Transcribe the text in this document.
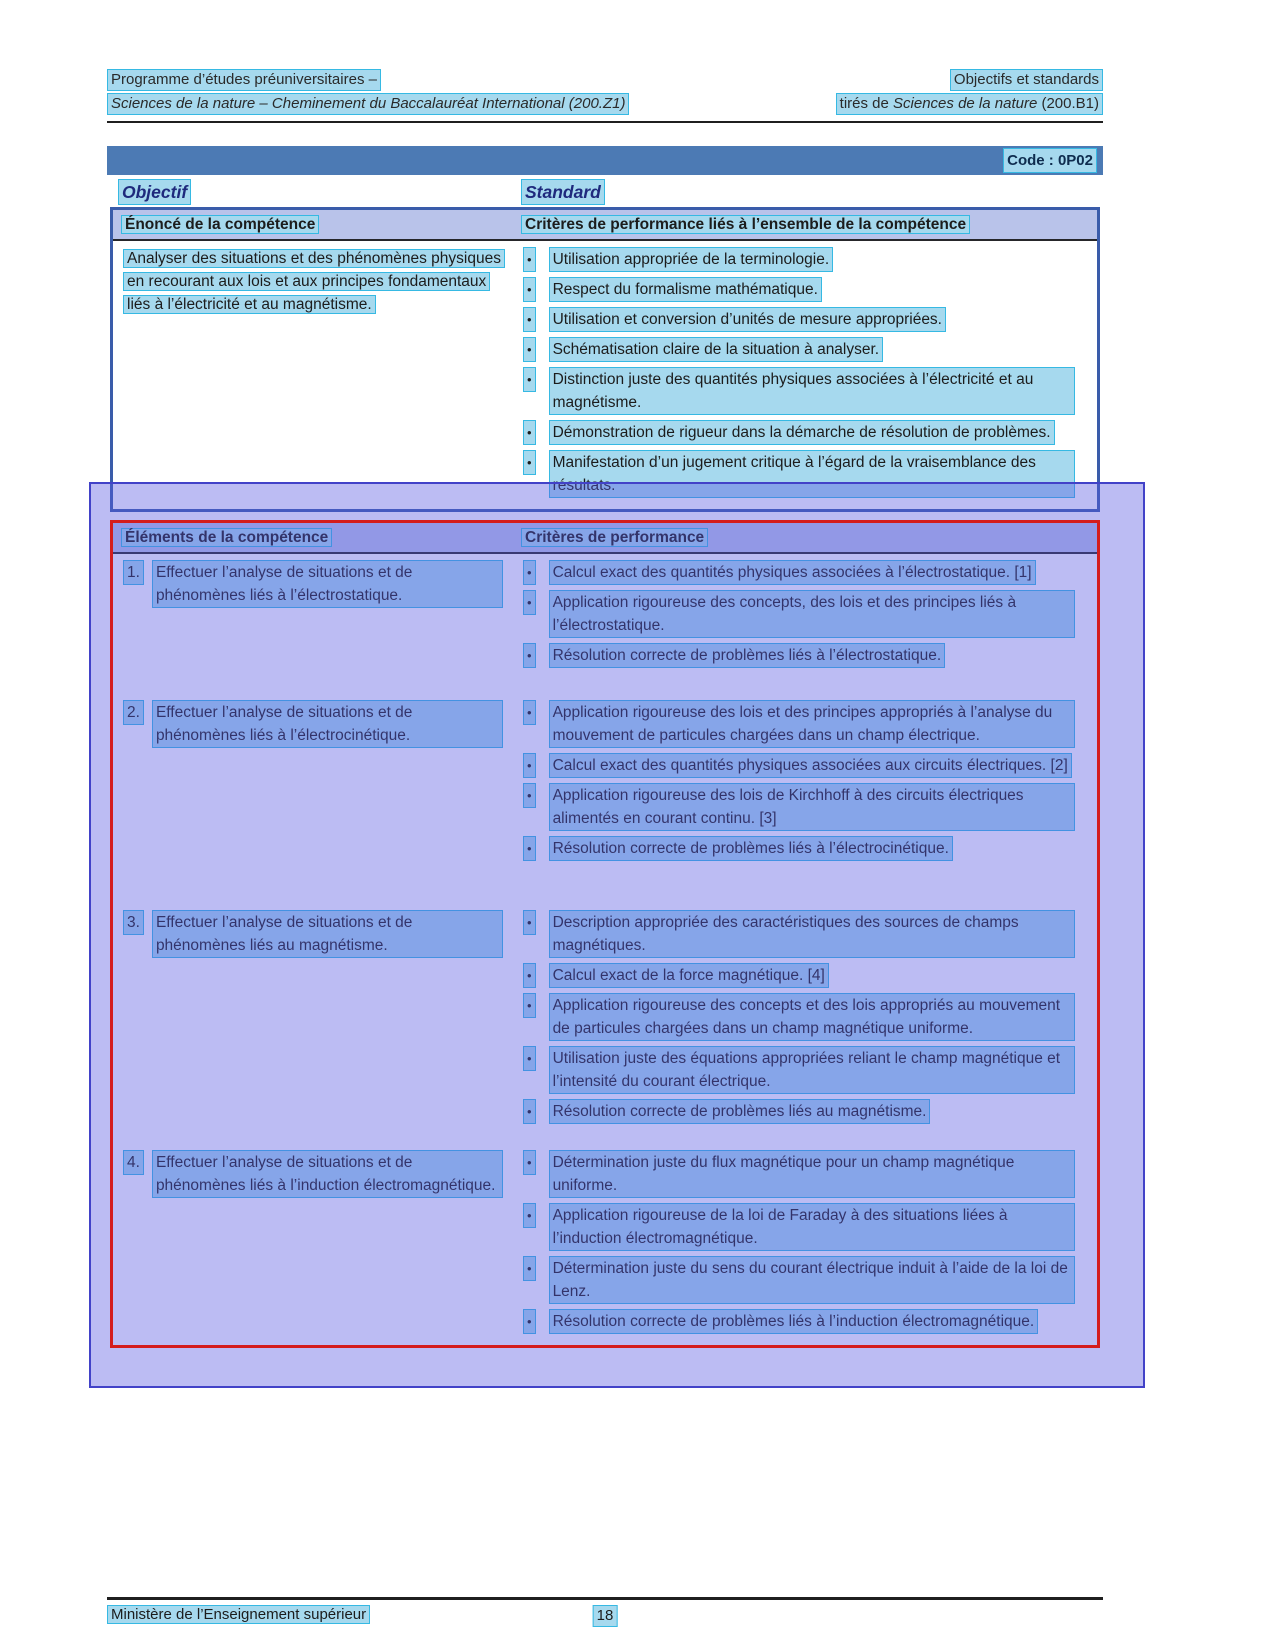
Programme d’études préuniversitaires –	Objectifs et standards
Sciences de la nature – Cheminement du Baccalauréat International (200.Z1)	tirés de Sciences de la nature (200.B1)
Code : 0P02
Objectif	Standard
Énoncé de la compétence	Critères de performance liés à l’ensemble de la compétence
Analyser des situations et des phénomènes physiques en recourant aux lois et aux principes fondamentaux liés à l’électricité et au magnétisme.
• Utilisation appropriée de la terminologie.
• Respect du formalisme mathématique.
• Utilisation et conversion d’unités de mesure appropriées.
• Schématisation claire de la situation à analyser.
• Distinction juste des quantités physiques associées à l’électricité et au magnétisme.
• Démonstration de rigueur dans la démarche de résolution de problèmes.
• Manifestation d’un jugement critique à l’égard de la vraisemblance des résultats.
Éléments de la compétence	Critères de performance
1. Effectuer l’analyse de situations et de phénomènes liés à l’électrostatique.
• Calcul exact des quantités physiques associées à l’électrostatique. [1]
• Application rigoureuse des concepts, des lois et des principes liés à l’électrostatique.
• Résolution correcte de problèmes liés à l’électrostatique.
2. Effectuer l’analyse de situations et de phénomènes liés à l’électrocinétique.
• Application rigoureuse des lois et des principes appropriés à l’analyse du mouvement de particules chargées dans un champ électrique.
• Calcul exact des quantités physiques associées aux circuits électriques. [2]
• Application rigoureuse des lois de Kirchhoff à des circuits électriques alimentés en courant continu. [3]
• Résolution correcte de problèmes liés à l’électrocinétique.
3. Effectuer l’analyse de situations et de phénomènes liés au magnétisme.
• Description appropriée des caractéristiques des sources de champs magnétiques.
• Calcul exact de la force magnétique. [4]
• Application rigoureuse des concepts et des lois appropriés au mouvement de particules chargées dans un champ magnétique uniforme.
• Utilisation juste des équations appropriées reliant le champ magnétique et l’intensité du courant électrique.
• Résolution correcte de problèmes liés au magnétisme.
4. Effectuer l’analyse de situations et de phénomènes liés à l’induction électromagnétique.
• Détermination juste du flux magnétique pour un champ magnétique uniforme.
• Application rigoureuse de la loi de Faraday à des situations liées à l’induction électromagnétique.
• Détermination juste du sens du courant électrique induit à l’aide de la loi de Lenz.
• Résolution correcte de problèmes liés à l’induction électromagnétique.
Ministère de l’Enseignement supérieur	18
